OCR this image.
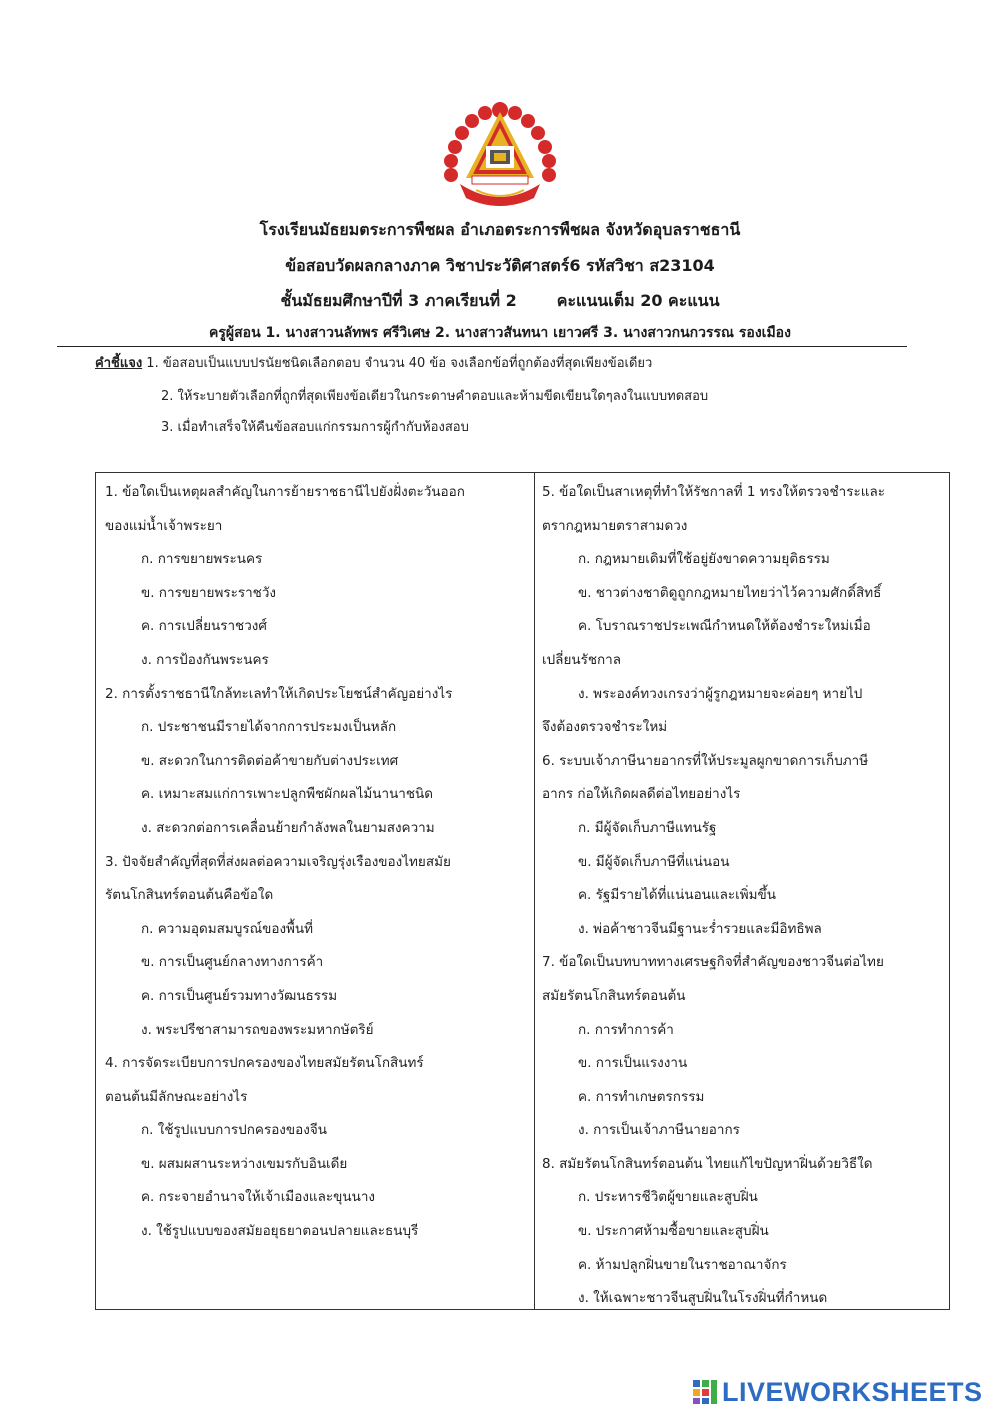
โรงเรียนมัธยมตระการพืชผล อำเภอตระการพืชผล จังหวัดอุบลราชธานี
ข้อสอบวัดผลกลางภาค วิชาประวัติศาสตร์6 รหัสวิชา ส23104
ชั้นมัธยมศึกษาปีที่ 3 ภาคเรียนที่ 2	คะแนนเต็ม 20 คะแนน
ครูผู้สอน 1. นางสาวนลัทพร ศรีวิเศษ 2. นางสาวสันทนา เยาวศรี 3. นางสาวกนกวรรณ รองเมือง
คำชี้แจง 1. ข้อสอบเป็นแบบปรนัยชนิดเลือกตอบ จำนวน 40 ข้อ จงเลือกข้อที่ถูกต้องที่สุดเพียงข้อเดียว
2. ให้ระบายตัวเลือกที่ถูกที่สุดเพียงข้อเดียวในกระดาษคำตอบและห้ามขีดเขียนใดๆลงในแบบทดสอบ
3. เมื่อทำเสร็จให้คืนข้อสอบแก่กรรมการผู้กำกับห้องสอบ
1. ข้อใดเป็นเหตุผลสำคัญในการย้ายราชธานีไปยังฝั่งตะวันออก
ของแม่น้ำเจ้าพระยา
ก. การขยายพระนคร
ข. การขยายพระราชวัง
ค. การเปลี่ยนราชวงศ์
ง. การป้องกันพระนคร
2. การตั้งราชธานีใกล้ทะเลทำให้เกิดประโยชน์สำคัญอย่างไร
ก. ประชาชนมีรายได้จากการประมงเป็นหลัก
ข. สะดวกในการติดต่อค้าขายกับต่างประเทศ
ค. เหมาะสมแก่การเพาะปลูกพืชผักผลไม้นานาชนิด
ง. สะดวกต่อการเคลื่อนย้ายกำลังพลในยามสงความ
3. ปัจจัยสำคัญที่สุดที่ส่งผลต่อความเจริญรุ่งเรืองของไทยสมัย
รัตนโกสินทร์ตอนต้นคือข้อใด
ก. ความอุดมสมบูรณ์ของพื้นที่
ข. การเป็นศูนย์กลางทางการค้า
ค. การเป็นศูนย์รวมทางวัฒนธรรม
ง. พระปรีชาสามารถของพระมหากษัตริย์
4. การจัดระเบียบการปกครองของไทยสมัยรัตนโกสินทร์
ตอนต้นมีลักษณะอย่างไร
ก. ใช้รูปแบบการปกครองของจีน
ข. ผสมผสานระหว่างเขมรกับอินเดีย
ค. กระจายอำนาจให้เจ้าเมืองและขุนนาง
ง. ใช้รูปแบบของสมัยอยุธยาตอนปลายและธนบุรี
5. ข้อใดเป็นสาเหตุที่ทำให้รัชกาลที่ 1 ทรงให้ตรวจชำระและ
ตรากฎหมายตราสามดวง
ก. กฎหมายเดิมที่ใช้อยู่ยังขาดความยุติธรรม
ข. ชาวต่างชาติดูถูกกฎหมายไทยว่าไว้ความศักดิ์สิทธิ์
ค. โบราณราชประเพณีกำหนดให้ต้องชำระใหม่เมื่อ
เปลี่ยนรัชกาล
ง. พระองค์ทวงเกรงว่าผู้รูกฎหมายจะค่อยๆ หายไป
จึงต้องตรวจชำระใหม่
6. ระบบเจ้าภาษีนายอากรที่ให้ประมูลผูกขาดการเก็บภาษี
อากร ก่อให้เกิดผลดีต่อไทยอย่างไร
ก. มีผู้จัดเก็บภาษีแทนรัฐ
ข. มีผู้จัดเก็บภาษีที่แน่นอน
ค. รัฐมีรายได้ที่แน่นอนและเพิ่มขึ้น
ง. พ่อค้าชาวจีนมีฐานะร่ำรวยและมีอิทธิพล
7. ข้อใดเป็นบทบาททางเศรษฐกิจที่สำคัญของชาวจีนต่อไทย
สมัยรัตนโกสินทร์ตอนต้น
ก. การทำการค้า
ข. การเป็นแรงงาน
ค. การทำเกษตรกรรม
ง. การเป็นเจ้าภาษีนายอากร
8. สมัยรัตนโกสินทร์ตอนต้น ไทยแก้ไขปัญหาฝิ่นด้วยวิธีใด
ก. ประหารชีวิตผู้ขายและสูบฝิ่น
ข. ประกาศห้ามซื้อขายและสูบฝิ่น
ค. ห้ามปลูกฝิ่นขายในราชอาณาจักร
ง. ให้เฉพาะชาวจีนสูบฝิ่นในโรงฝิ่นที่กำหนด
LIVEWORKSHEETS
